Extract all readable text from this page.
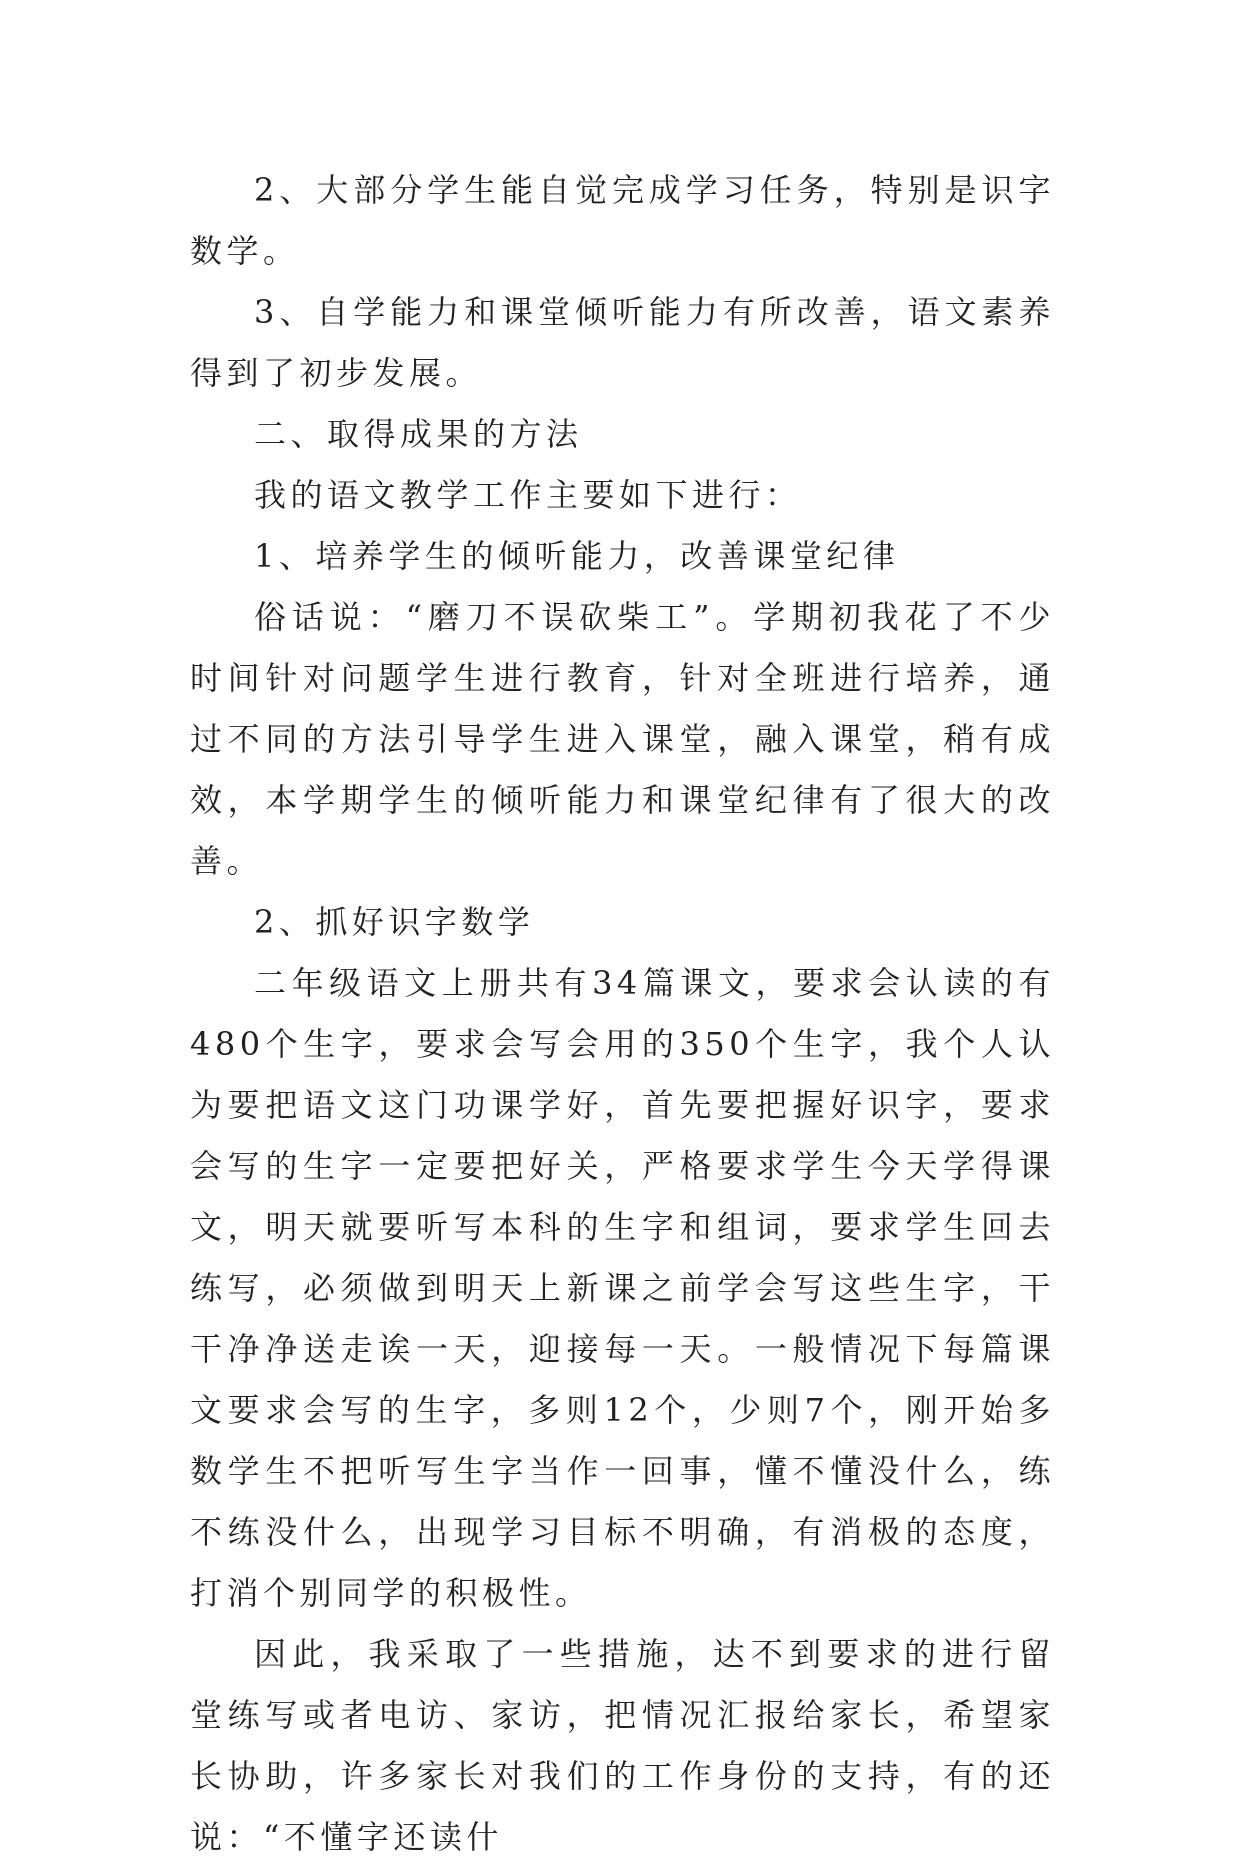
2、大部分学生能自觉完成学习任务，特别是识字数学。

3、自学能力和课堂倾听能力有所改善，语文素养得到了初步发展。

二、取得成果的方法

我的语文教学工作主要如下进行：

1、培养学生的倾听能力，改善课堂纪律

俗话说：“磨刀不误砍柴工”。学期初我花了不少时间针对问题学生进行教育，针对全班进行培养，通过不同的方法引导学生进入课堂，融入课堂，稍有成效，本学期学生的倾听能力和课堂纪律有了很大的改善。

2、抓好识字数学

二年级语文上册共有34篇课文，要求会认读的有480个生字，要求会写会用的350个生字，我个人认为要把语文这门功课学好，首先要把握好识字，要求会写的生字一定要把好关，严格要求学生今天学得课文，明天就要听写本科的生字和组词，要求学生回去练写，必须做到明天上新课之前学会写这些生字，干干净净送走诶一天，迎接每一天。一般情况下每篇课文要求会写的生字，多则12个，少则7个，刚开始多数学生不把听写生字当作一回事，懂不懂没什么，练不练没什么，出现学习目标不明确，有消极的态度，打消个别同学的积极性。

因此，我采取了一些措施，达不到要求的进行留堂练写或者电访、家访，把情况汇报给家长，希望家长协助，许多家长对我们的工作身份的支持，有的还说：“不懂字还读什
